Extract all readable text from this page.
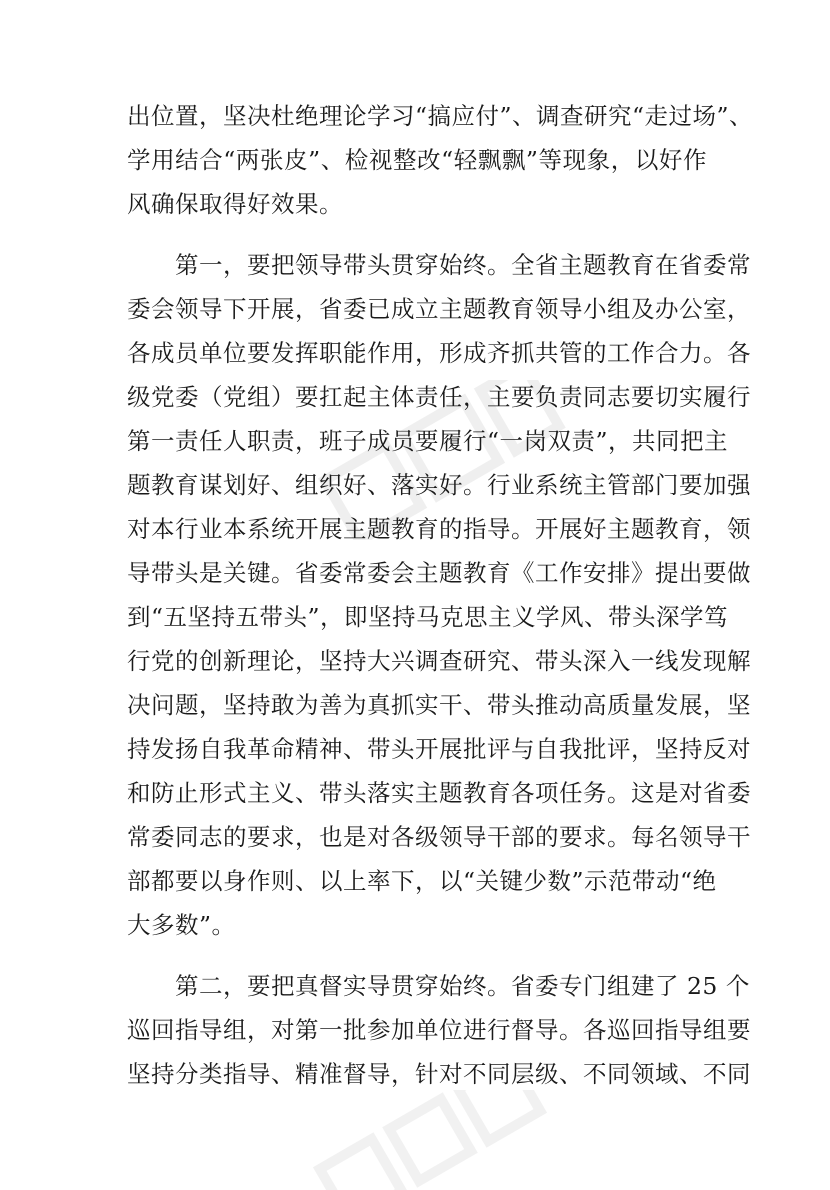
出位置，坚决杜绝理论学习“搞应付”、调查研究“走过场”、
学用结合“两张皮”、检视整改“轻飘飘”等现象，以好作
风确保取得好效果。

第一，要把领导带头贯穿始终。全省主题教育在省委常
委会领导下开展，省委已成立主题教育领导小组及办公室，
各成员单位要发挥职能作用，形成齐抓共管的工作合力。各
级党委（党组）要扛起主体责任，主要负责同志要切实履行
第一责任人职责，班子成员要履行“一岗双责”，共同把主
题教育谋划好、组织好、落实好。行业系统主管部门要加强
对本行业本系统开展主题教育的指导。开展好主题教育，领
导带头是关键。省委常委会主题教育《工作安排》提出要做
到“五坚持五带头”，即坚持马克思主义学风、带头深学笃
行党的创新理论，坚持大兴调查研究、带头深入一线发现解
决问题，坚持敢为善为真抓实干、带头推动高质量发展，坚
持发扬自我革命精神、带头开展批评与自我批评，坚持反对
和防止形式主义、带头落实主题教育各项任务。这是对省委
常委同志的要求，也是对各级领导干部的要求。每名领导干
部都要以身作则、以上率下，以“关键少数”示范带动“绝
大多数”。

第二，要把真督实导贯穿始终。省委专门组建了 25 个
巡回指导组，对第一批参加单位进行督导。各巡回指导组要
坚持分类指导、精准督导，针对不同层级、不同领域、不同
